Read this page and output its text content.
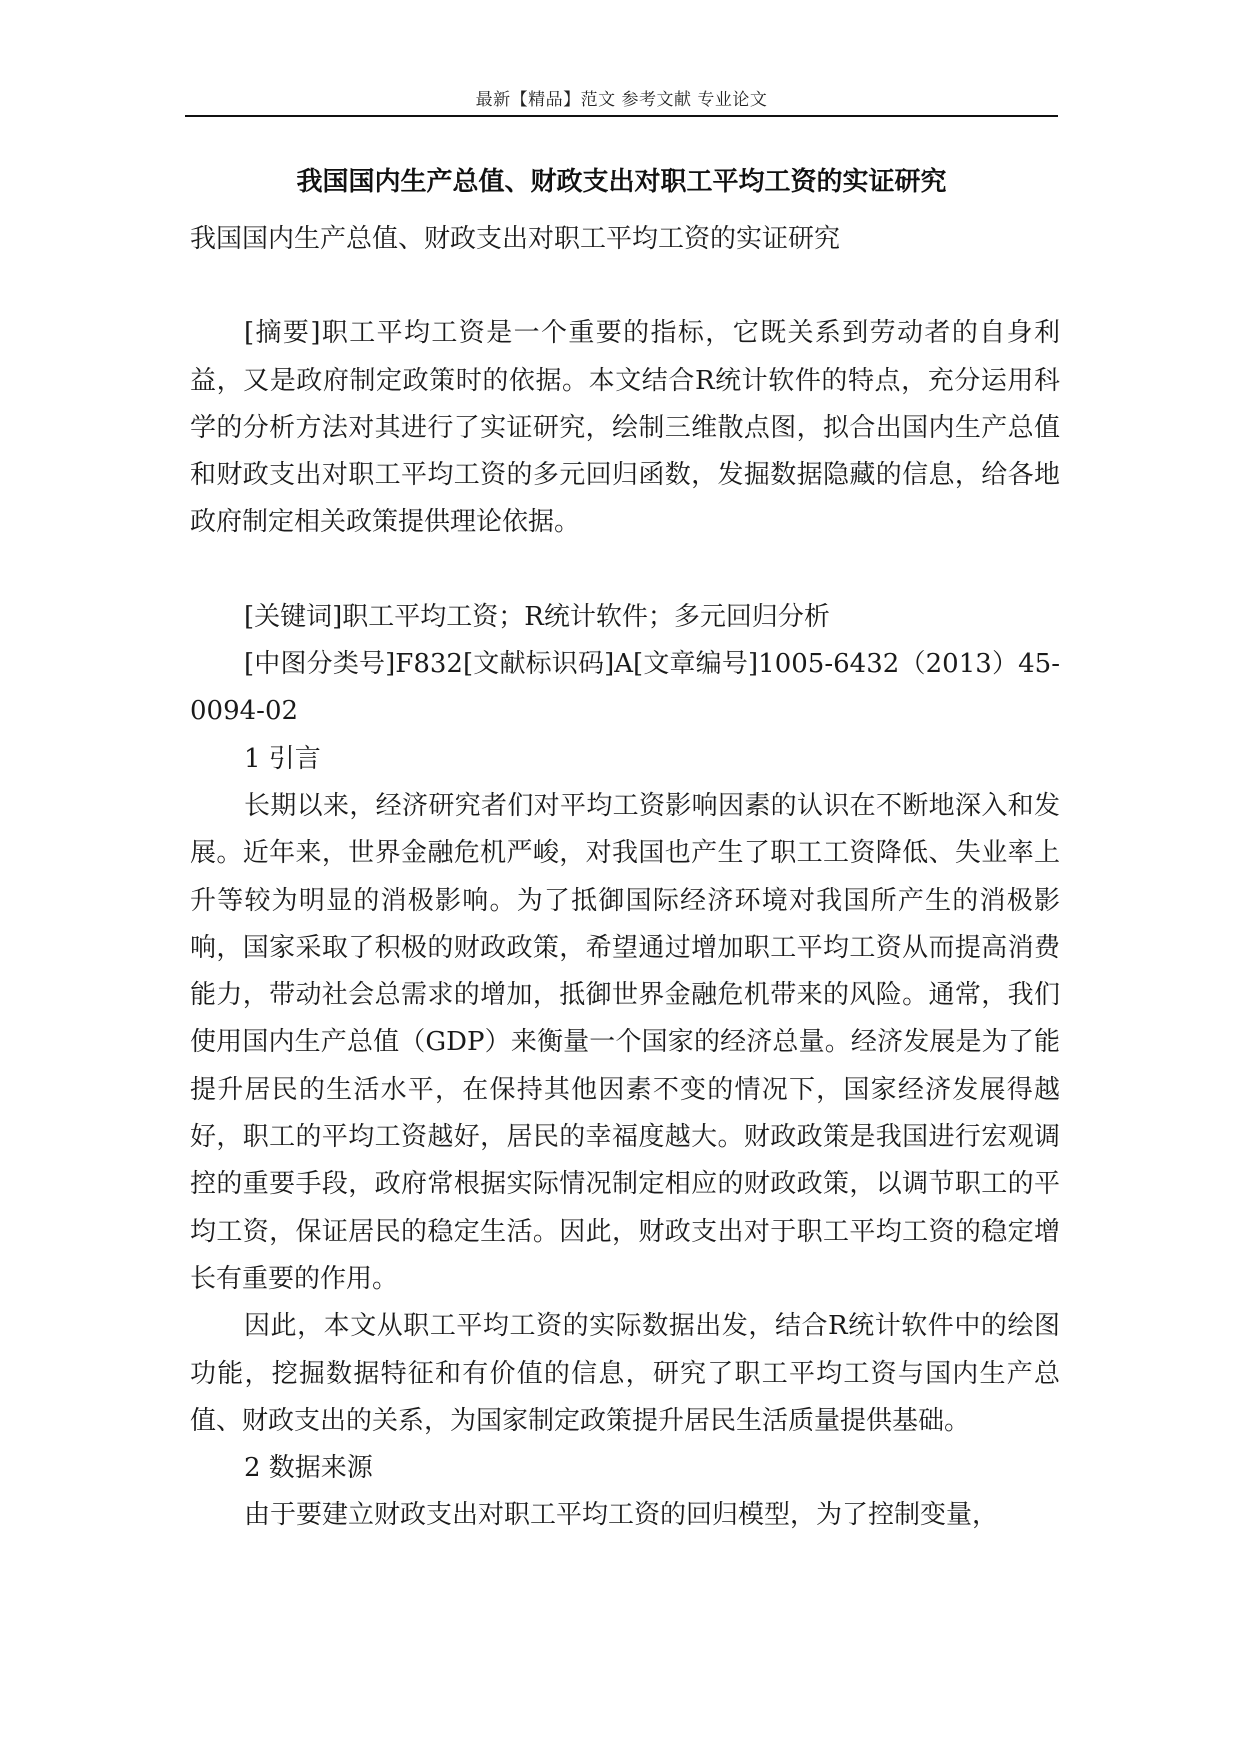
最新【精品】范文 参考文献 专业论文
我国国内生产总值、财政支出对职工平均工资的实证研究

我国国内生产总值、财政支出对职工平均工资的实证研究

[摘要]职工平均工资是一个重要的指标，它既关系到劳动者的自身利益，又是政府制定政策时的依据。本文结合R统计软件的特点，充分运用科学的分析方法对其进行了实证研究，绘制三维散点图，拟合出国内生产总值和财政支出对职工平均工资的多元回归函数，发掘数据隐藏的信息，给各地政府制定相关政策提供理论依据。

[关键词]职工平均工资；R统计软件；多元回归分析

[中图分类号]F832[文献标识码]A[文章编号]1005-6432（2013）45-0094-02

1 引言

长期以来，经济研究者们对平均工资影响因素的认识在不断地深入和发展。近年来，世界金融危机严峻，对我国也产生了职工工资降低、失业率上升等较为明显的消极影响。为了抵御国际经济环境对我国所产生的消极影响，国家采取了积极的财政政策，希望通过增加职工平均工资从而提高消费能力，带动社会总需求的增加，抵御世界金融危机带来的风险。通常，我们使用国内生产总值（GDP）来衡量一个国家的经济总量。经济发展是为了能提升居民的生活水平，在保持其他因素不变的情况下，国家经济发展得越好，职工的平均工资越好，居民的幸福度越大。财政政策是我国进行宏观调控的重要手段，政府常根据实际情况制定相应的财政政策，以调节职工的平均工资，保证居民的稳定生活。因此，财政支出对于职工平均工资的稳定增长有重要的作用。

因此，本文从职工平均工资的实际数据出发，结合R统计软件中的绘图功能，挖掘数据特征和有价值的信息，研究了职工平均工资与国内生产总值、财政支出的关系，为国家制定政策提升居民生活质量提供基础。

2 数据来源

由于要建立财政支出对职工平均工资的回归模型，为了控制变量，
